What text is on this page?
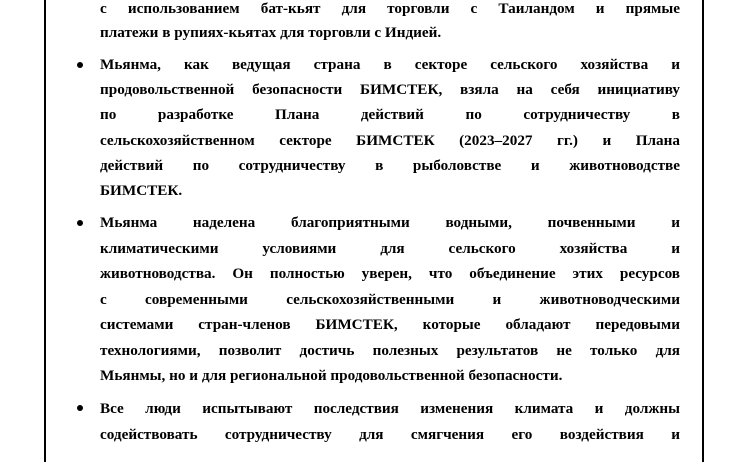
с использованием бат-кьят для торговли с Таиландом и прямые
платежи в рупиях-кьятах для торговли с Индией.
Мьянма, как ведущая страна в секторе сельского хозяйства и
продовольственной безопасности БИМСТЕК, взяла на себя инициативу
по разработке Плана действий по сотрудничеству в
сельскохозяйственном секторе БИМСТЕК (2023–2027 гг.) и Плана
действий по сотрудничеству в рыболовстве и животноводстве
БИМСТЕК.
Мьянма наделена благоприятными водными, почвенными и
климатическими условиями для сельского хозяйства и
животноводства. Он полностью уверен, что объединение этих ресурсов
с современными сельскохозяйственными и животноводческими
системами стран-членов БИМСТЕК, которые обладают передовыми
технологиями, позволит достичь полезных результатов не только для
Мьянмы, но и для региональной продовольственной безопасности.
Все люди испытывают последствия изменения климата и должны
содействовать сотрудничеству для смягчения его воздействия и
